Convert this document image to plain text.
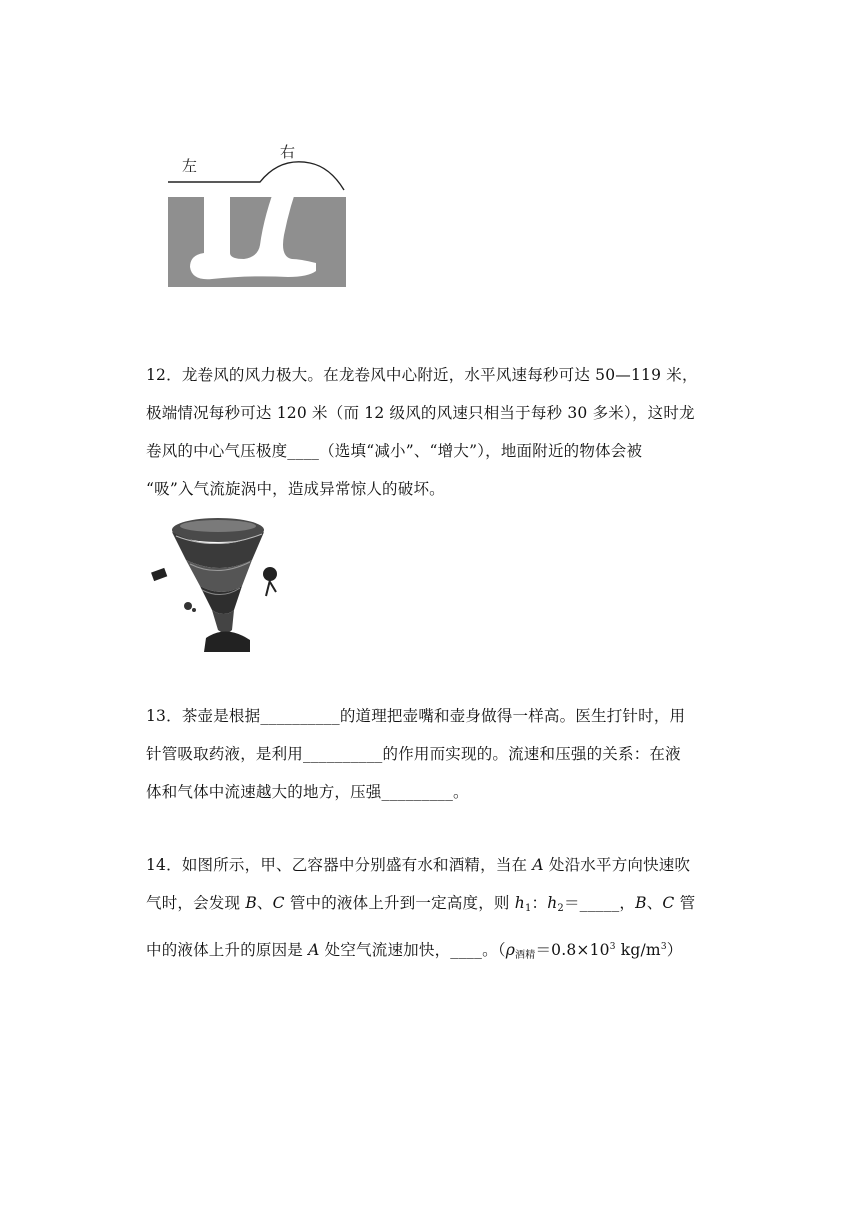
左
右
12．龙卷风的风力极大。在龙卷风中心附近，水平风速每秒可达 50—119 米，
极端情况每秒可达 120 米（而 12 级风的风速只相当于每秒 30 多米），这时龙
卷风的中心气压极度____（选填“减小”、“增大”），地面附近的物体会被
“吸”入气流旋涡中，造成异常惊人的破坏。
13．茶壶是根据__________的道理把壶嘴和壶身做得一样高。医生打针时，用
针管吸取药液，是利用__________的作用而实现的。流速和压强的关系：在液
体和气体中流速越大的地方，压强_________。
14．如图所示，甲、乙容器中分别盛有水和酒精，当在 A 处沿水平方向快速吹
气时，会发现 B、C 管中的液体上升到一定高度，则 $h_1$：$h_2=\_\_\_\_\_$，B、C 管
中的液体上升的原因是 A 处空气流速加快，____。（$\rho_{酒精}=0.8\times 10^3$ $kg/m^3$）
